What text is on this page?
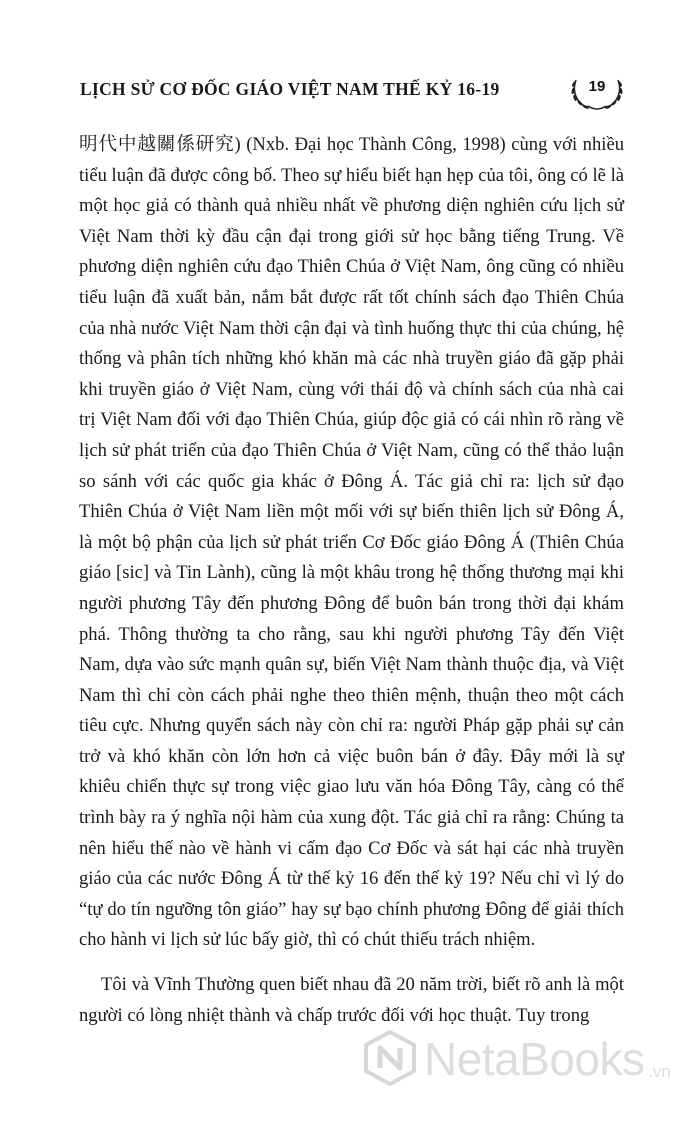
LỊCH SỬ CƠ ĐỐC GIÁO VIỆT NAM THẾ KỶ 16-19	19

明代中越關係研究) (Nxb. Đại học Thành Công, 1998) cùng với nhiều tiểu luận đã được công bố. Theo sự hiểu biết hạn hẹp của tôi, ông có lẽ là một học giả có thành quả nhiều nhất về phương diện nghiên cứu lịch sử Việt Nam thời kỳ đầu cận đại trong giới sử học bằng tiếng Trung. Về phương diện nghiên cứu đạo Thiên Chúa ở Việt Nam, ông cũng có nhiều tiểu luận đã xuất bản, nắm bắt được rất tốt chính sách đạo Thiên Chúa của nhà nước Việt Nam thời cận đại và tình huống thực thi của chúng, hệ thống và phân tích những khó khăn mà các nhà truyền giáo đã gặp phải khi truyền giáo ở Việt Nam, cùng với thái độ và chính sách của nhà cai trị Việt Nam đối với đạo Thiên Chúa, giúp độc giả có cái nhìn rõ ràng về lịch sử phát triển của đạo Thiên Chúa ở Việt Nam, cũng có thể thảo luận so sánh với các quốc gia khác ở Đông Á. Tác giả chỉ ra: lịch sử đạo Thiên Chúa ở Việt Nam liền một mối với sự biến thiên lịch sử Đông Á, là một bộ phận của lịch sử phát triển Cơ Đốc giáo Đông Á (Thiên Chúa giáo [sic] và Tin Lành), cũng là một khâu trong hệ thống thương mại khi người phương Tây đến phương Đông để buôn bán trong thời đại khám phá. Thông thường ta cho rằng, sau khi người phương Tây đến Việt Nam, dựa vào sức mạnh quân sự, biến Việt Nam thành thuộc địa, và Việt Nam thì chỉ còn cách phải nghe theo thiên mệnh, thuận theo một cách tiêu cực. Nhưng quyển sách này còn chỉ ra: người Pháp gặp phải sự cản trở và khó khăn còn lớn hơn cả việc buôn bán ở đây. Đây mới là sự khiêu chiến thực sự trong việc giao lưu văn hóa Đông Tây, càng có thể trình bày ra ý nghĩa nội hàm của xung đột. Tác giả chỉ ra rằng: Chúng ta nên hiểu thế nào về hành vi cấm đạo Cơ Đốc và sát hại các nhà truyền giáo của các nước Đông Á từ thế kỷ 16 đến thế kỷ 19? Nếu chỉ vì lý do “tự do tín ngưỡng tôn giáo” hay sự bạo chính phương Đông để giải thích cho hành vi lịch sử lúc bấy giờ, thì có chút thiếu trách nhiệm.

Tôi và Vĩnh Thường quen biết nhau đã 20 năm trời, biết rõ anh là một người có lòng nhiệt thành và chấp trước đối với học thuật. Tuy trong

NetaBooks .vn
